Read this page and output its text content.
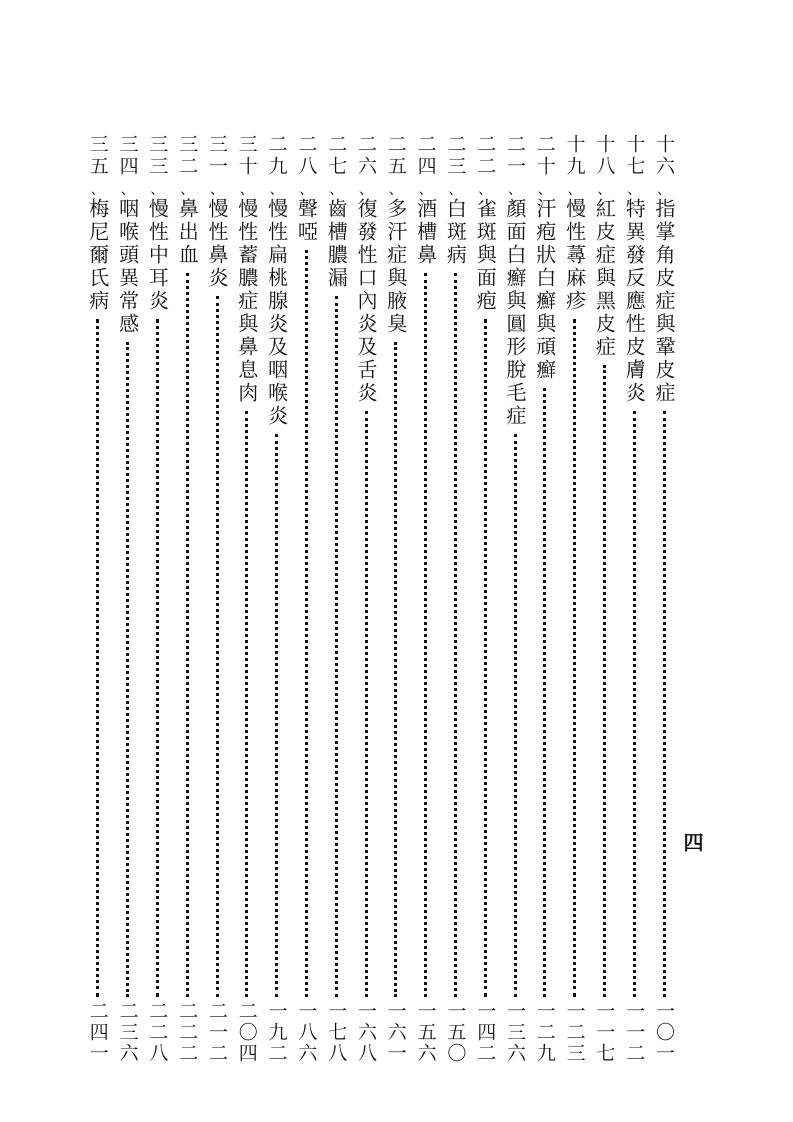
十六
、
指掌角皮症與鞏皮症
一〇一
十七
、
特異發反應性皮膚炎
一一二
十八
、
紅皮症與黑皮症
一一七
十九
、
慢性蕁麻疹
一二三
二十
、
汗疱狀白癬與頑癬
一二九
二一
、
顏面白癬與圓形脫毛症
一三六
二二
、
雀斑與面疱
一四二
二三
、
白斑病
一五〇
二四
、
酒槽鼻
一五六
二五
、
多汗症與腋臭
一六一
二六
、
復發性口內炎及舌炎
一六八
二七
、
齒槽膿漏
一七八
二八
、
聲啞
一八六
二九
、
慢性扁桃腺炎及咽喉炎
一九二
三十
、
慢性蓄膿症與鼻息肉
二〇四
三一
、
慢性鼻炎
二一二
三二
、
鼻出血
二二二
三三
、
慢性中耳炎
二二八
三四
、
咽喉頭異常感
二三六
三五
、
梅尼爾氏病
二四一
四
